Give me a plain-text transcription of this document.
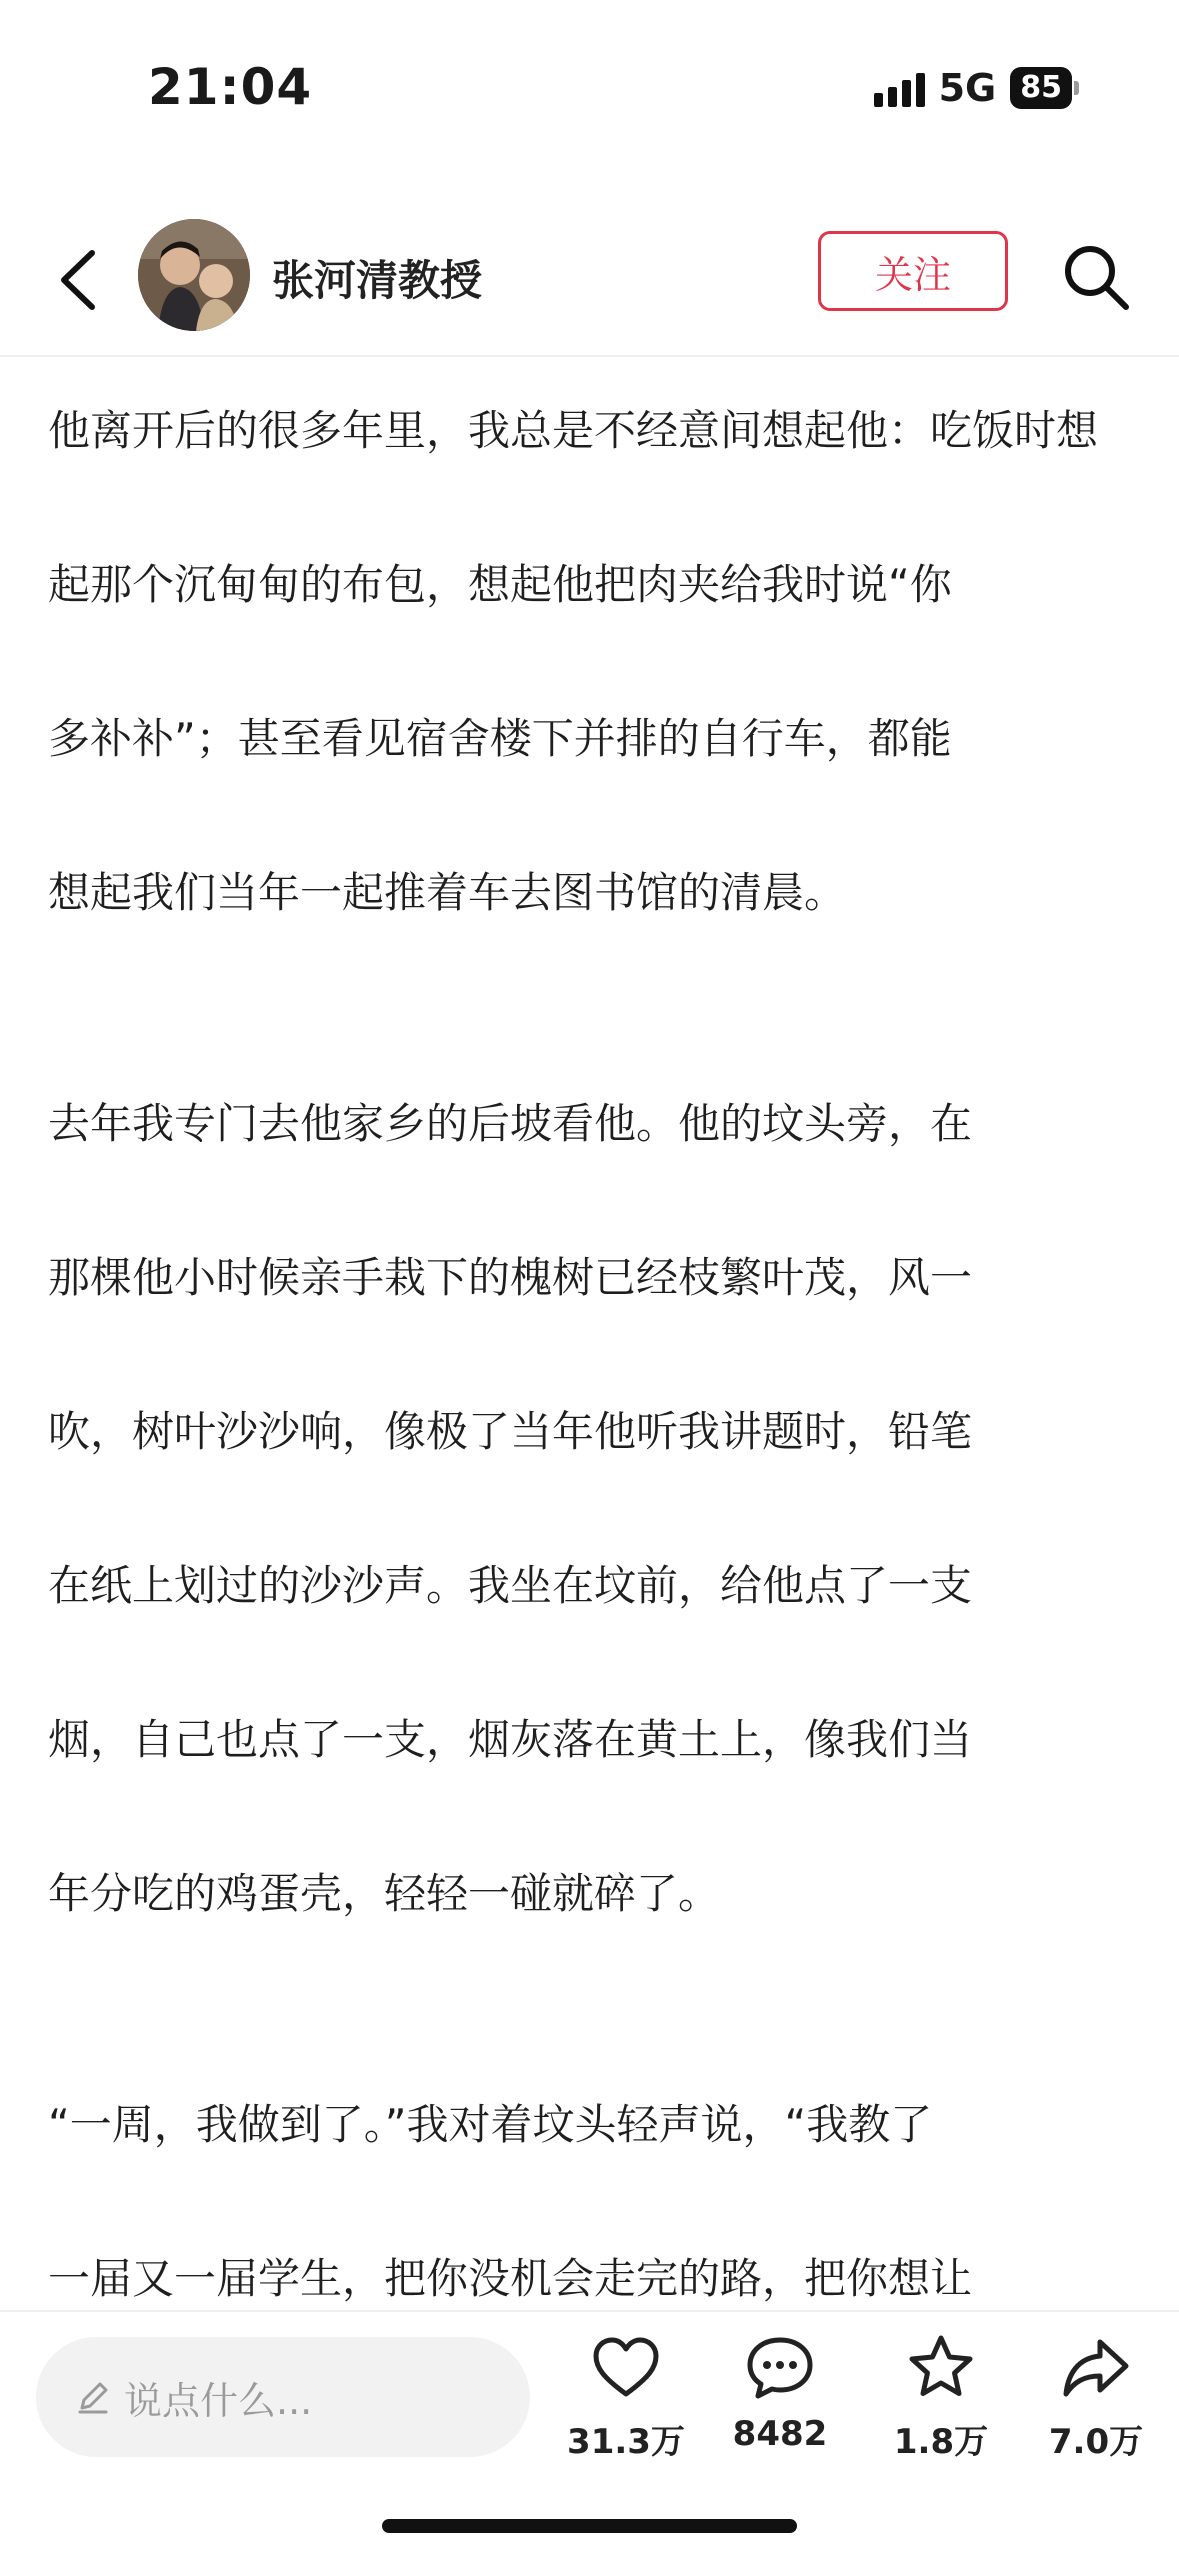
21:04	5G 85
张河清教授	关注

他离开后的很多年里，我总是不经意间想起他：吃饭时想

起那个沉甸甸的布包，想起他把肉夹给我时说“你

多补补”；甚至看见宿舍楼下并排的自行车，都能

想起我们当年一起推着车去图书馆的清晨。

去年我专门去他家乡的后坡看他。他的坟头旁，在

那棵他小时候亲手栽下的槐树已经枝繁叶茂，风一

吹，树叶沙沙响，像极了当年他听我讲题时，铅笔

在纸上划过的沙沙声。我坐在坟前，给他点了一支

烟，自己也点了一支，烟灰落在黄土上，像我们当

年分吃的鸡蛋壳，轻轻一碰就碎了。

“一周，我做到了。”我对着坟头轻声说，“我教了

一届又一届学生，把你没机会走完的路，把你想让

说点什么...
31.3万 8482 1.8万 7.0万
